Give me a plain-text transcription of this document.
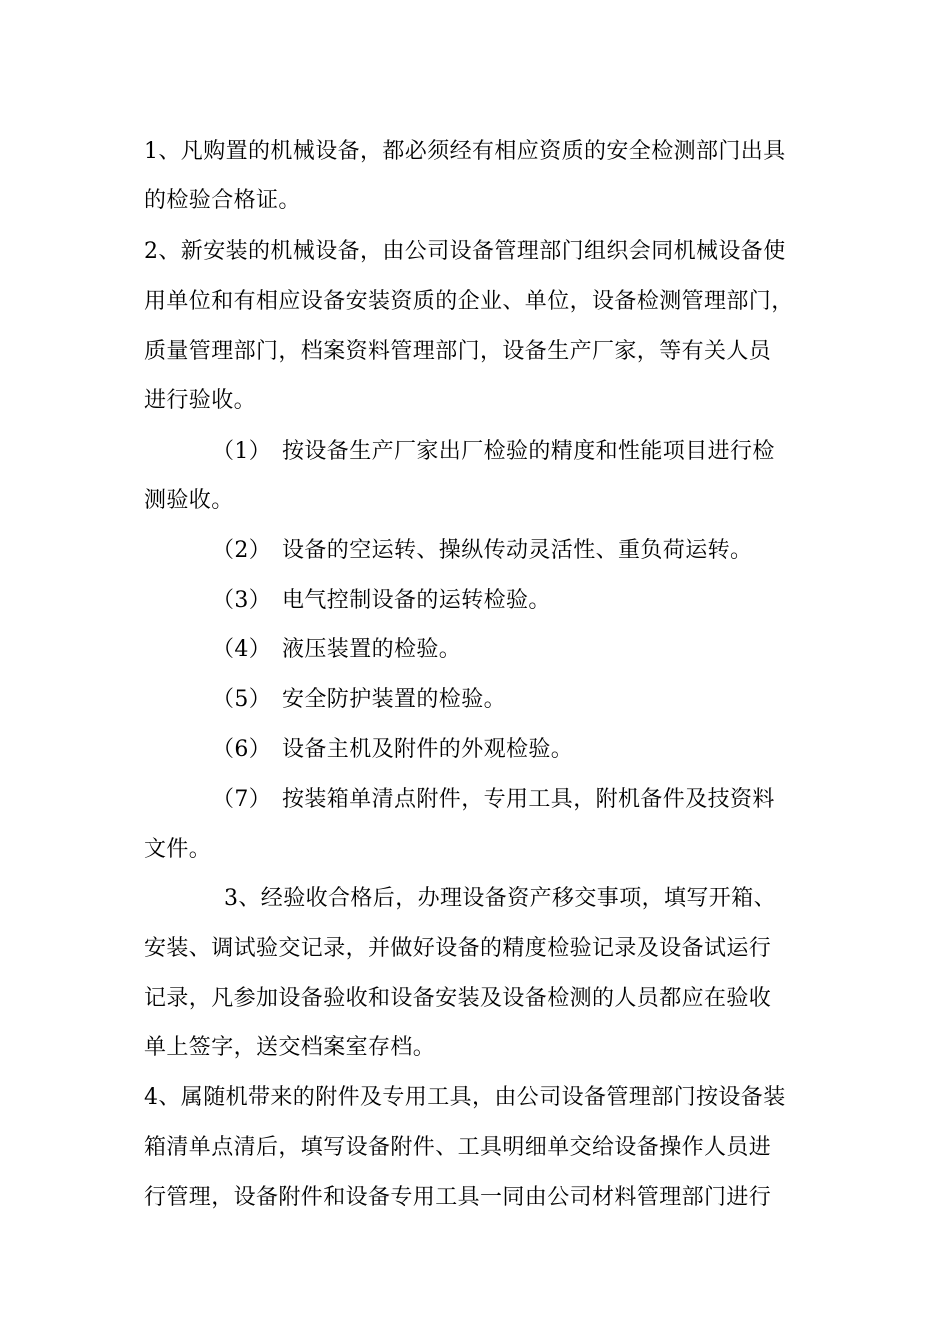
1、凡购置的机械设备，都必须经有相应资质的安全检测部门出具
的检验合格证。
2、新安装的机械设备，由公司设备管理部门组织会同机械设备使
用单位和有相应设备安装资质的企业、单位，设备检测管理部门，
质量管理部门，档案资料管理部门，设备生产厂家，等有关人员
进行验收。
（1） 按设备生产厂家出厂检验的精度和性能项目进行检
测验收。
（2） 设备的空运转、操纵传动灵活性、重负荷运转。
（3） 电气控制设备的运转检验。
（4） 液压装置的检验。
（5） 安全防护装置的检验。
（6） 设备主机及附件的外观检验。
（7） 按装箱单清点附件，专用工具，附机备件及技资料
文件。
3、经验收合格后，办理设备资产移交事项，填写开箱、
安装、调试验交记录，并做好设备的精度检验记录及设备试运行
记录，凡参加设备验收和设备安装及设备检测的人员都应在验收
单上签字，送交档案室存档。
4、属随机带来的附件及专用工具，由公司设备管理部门按设备装
箱清单点清后，填写设备附件、工具明细单交给设备操作人员进
行管理，设备附件和设备专用工具一同由公司材料管理部门进行
